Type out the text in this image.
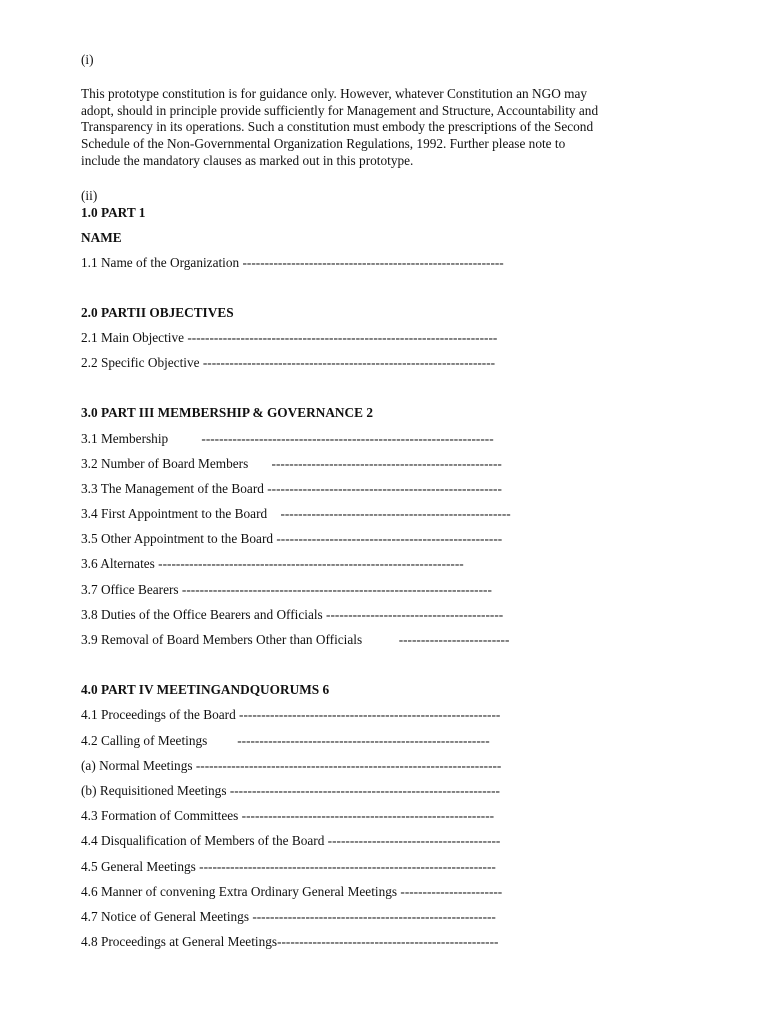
(i)

This prototype constitution is for guidance only. However, whatever Constitution an NGO may

adopt, should in principle provide sufficiently for Management and Structure, Accountability and

Transparency in its operations. Such a constitution must embody the prescriptions of the Second

Schedule of the Non-Governmental Organization Regulations, 1992. Further please note to

include the mandatory clauses as marked out in this prototype.

(ii)

1.0 PART 1

NAME

1.1 Name of the Organization -----------------------------------------------------------

2.0 PARTII OBJECTIVES

2.1 Main Objective ----------------------------------------------------------------------

2.2 Specific Objective ------------------------------------------------------------------

3.0 PART III MEMBERSHIP & GOVERNANCE 2

3.1 Membership          ------------------------------------------------------------------

3.2 Number of Board Members       ----------------------------------------------------

3.3 The Management of the Board -----------------------------------------------------

3.4 First Appointment to the Board    ----------------------------------------------------

3.5 Other Appointment to the Board ---------------------------------------------------

3.6 Alternates ---------------------------------------------------------------------

3.7 Office Bearers ----------------------------------------------------------------------

3.8 Duties of the Office Bearers and Officials ----------------------------------------

3.9 Removal of Board Members Other than Officials           -------------------------

4.0 PART IV MEETINGANDQUORUMS 6

4.1 Proceedings of the Board -----------------------------------------------------------

4.2 Calling of Meetings         ---------------------------------------------------------

(a) Normal Meetings ---------------------------------------------------------------------

(b) Requisitioned Meetings -------------------------------------------------------------

4.3 Formation of Committees ---------------------------------------------------------

4.4 Disqualification of Members of the Board ---------------------------------------

4.5 General Meetings -------------------------------------------------------------------

4.6 Manner of convening Extra Ordinary General Meetings -----------------------

4.7 Notice of General Meetings -------------------------------------------------------

4.8 Proceedings at General Meetings--------------------------------------------------
